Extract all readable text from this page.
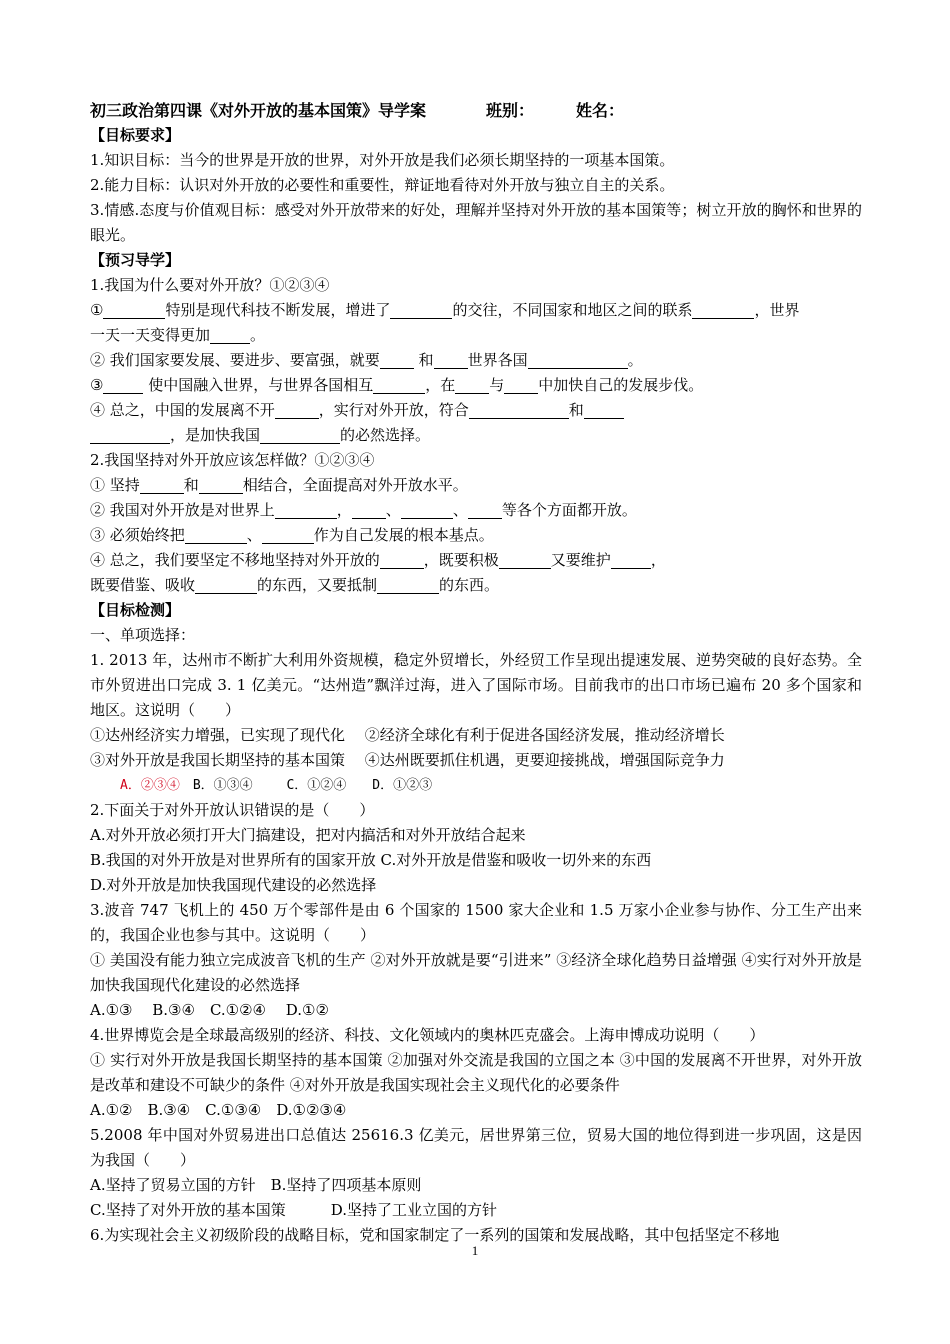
初三政治第四课《对外开放的基本国策》导学案	班别：	姓名：
【目标要求】
1.知识目标：当今的世界是开放的世界，对外开放是我们必须长期坚持的一项基本国策。
2.能力目标：认识对外开放的必要性和重要性，辩证地看待对外开放与独立自主的关系。
3.情感.态度与价值观目标：感受对外开放带来的好处，理解并坚持对外开放的基本国策等；树立开放的胸怀和世界的眼光。
【预习导学】
1.我国为什么要对外开放？①②③④
①	特别是现代科技不断发展，增进了	的交往，不同国家和地区之间的联系	，世界
一天一天变得更加	。
② 我们国家要发展、要进步、要富强，就要 和 世界各国	。
③	使中国融入世界，与世界各国相互	，在 与 中加快自己的发展步伐。
④ 总之，中国的发展离不开	，实行对外开放，符合	和
，是加快我国	的必然选择。
2.我国坚持对外开放应该怎样做？①②③④
① 坚持	和	相结合，全面提高对外开放水平。
② 我国对外开放是对世界上	， 、	、 等各个方面都开放。
③ 必须始终把	、	作为自己发展的根本基点。
④ 总之，我们要坚定不移地坚持对外开放的	，既要积极	又要维护	，
既要借鉴、吸收	的东西，又要抵制	的东西。
【目标检测】
一、单项选择：
1. 2013 年，达州市不断扩大利用外资规模，稳定外贸增长，外经贸工作呈现出提速发展、逆势突破的良好态势。全市外贸进出口完成 3. 1 亿美元。“达州造”飘洋过海，进入了国际市场。目前我市的出口市场已遍布 20 多个国家和地区。这说明（　　）
①达州经济实力增强，已实现了现代化　 ②经济全球化有利于促进各国经济发展，推动经济增长
③对外开放是我国长期坚持的基本国策　 ④达州既要抓住机遇，更要迎接挑战，增强国际竞争力
A．②③④　B．①③④　　 C．①②④　　D．①②③
2.下面关于对外开放认识错误的是（　　）
A.对外开放必须打开大门搞建设，把对内搞活和对外开放结合起来
B.我国的对外开放是对世界所有的国家开放 C.对外开放是借鉴和吸收一切外来的东西
D.对外开放是加快我国现代建设的必然选择
3.波音 747 飞机上的 450 万个零部件是由 6 个国家的 1500 家大企业和 1.5 万家小企业参与协作、分工生产出来的，我国企业也参与其中。这说明（　　）
① 美国没有能力独立完成波音飞机的生产 ②对外开放就是要“引进来” ③经济全球化趋势日益增强 ④实行对外开放是加快我国现代化建设的必然选择
A.①③　 B.③④　C.①②④　 D.①②
4.世界博览会是全球最高级别的经济、科技、文化领域内的奥林匹克盛会。上海申博成功说明（　　）
① 实行对外开放是我国长期坚持的基本国策 ②加强对外交流是我国的立国之本 ③中国的发展离不开世界，对外开放是改革和建设不可缺少的条件 ④对外开放是我国实现社会主义现代化的必要条件
A.①②　B.③④　C.①③④　D.①②③④
5.2008 年中国对外贸易进出口总值达 25616.3 亿美元，居世界第三位，贸易大国的地位得到进一步巩固，这是因为我国（　　）
A.坚持了贸易立国的方针　B.坚持了四项基本原则
C.坚持了对外开放的基本国策　　　D.坚持了工业立国的方针
6.为实现社会主义初级阶段的战略目标，党和国家制定了一系列的国策和发展战略，其中包括坚定不移地
1
